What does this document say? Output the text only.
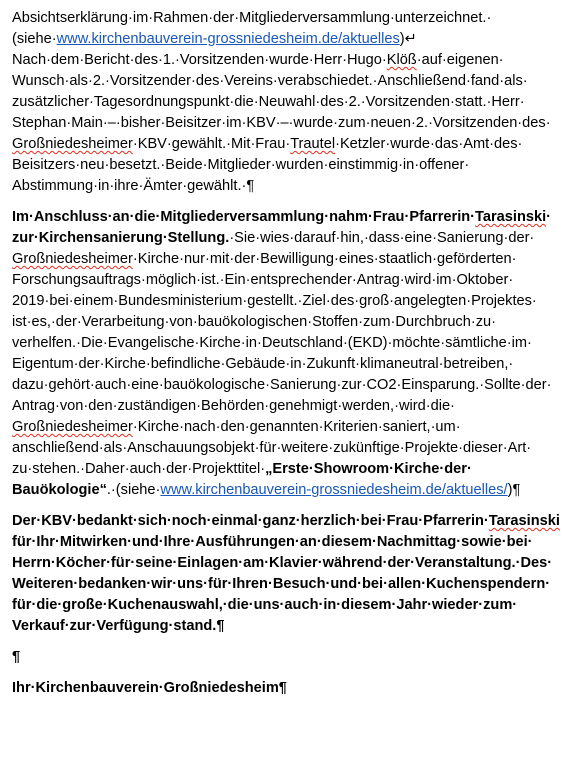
Absichtserklärung·im·Rahmen·der·Mitgliederversammlung·unterzeichnet.·
(siehe·www.kirchenbauverein-grossniedesheim.de/aktuelles)↵
Nach·dem·Bericht·des·1.·Vorsitzenden·wurde·Herr·Hugo·Klöß·auf·eigenen·
Wunsch·als·2.·Vorsitzender·des·Vereins·verabschiedet.·Anschließend·fand·als·
zusätzlicher·Tagesordnungspunkt·die·Neuwahl·des·2.·Vorsitzenden·statt.·Herr·
Stephan·Main·–·bisher·Beisitzer·im·KBV·–·wurde·zum·neuen·2.·Vorsitzenden·des·
Großniedesheimer·KBV·gewählt.·Mit·Frau·Trautel·Ketzler·wurde·das·Amt·des·
Beisitzers·neu·besetzt.·Beide·Mitglieder·wurden·einstimmig·in·offener·
Abstimmung·in·ihre·Ämter·gewählt.·¶
Im·Anschluss·an·die·Mitgliederversammlung·nahm·Frau·Pfarrerin·Tarasinski·
zur·Kirchensanierung·Stellung.·Sie·wies·darauf·hin,·dass·eine·Sanierung·der·
Großniedesheimer·Kirche·nur·mit·der·Bewilligung·eines·staatlich·geförderten·
Forschungsauftrags·möglich·ist.·Ein·entsprechender·Antrag·wird·im·Oktober·
2019·bei·einem·Bundesministerium·gestellt.·Ziel·des·groß·angelegten·Projektes·
ist·es,·der·Verarbeitung·von·bauökologischen·Stoffen·zum·Durchbruch·zu·
verhelfen.·Die·Evangelische·Kirche·in·Deutschland·(EKD)·möchte·sämtliche·im·
Eigentum·der·Kirche·befindliche·Gebäude·in·Zukunft·klimaneutral·betreiben,·
dazu·gehört·auch·eine·bauökologische·Sanierung·zur·CO2·Einsparung.·Sollte·der·
Antrag·von·den·zuständigen·Behörden·genehmigt·werden,·wird·die·
Großniedesheimer·Kirche·nach·den·genannten·Kriterien·saniert,·um·
anschließend·als·Anschauungsobjekt·für·weitere·zukünftige·Projekte·dieser·Art·
zu·stehen.·Daher·auch·der·Projekttitel·„Erste·Showroom·Kirche·der·
Bauökologie“.·(siehe·www.kirchenbauverein-grossniedesheim.de/aktuelles/)¶
Der·KBV·bedankt·sich·noch·einmal·ganz·herzlich·bei·Frau·Pfarrerin·Tarasinski
für·Ihr·Mitwirken·und·Ihre·Ausführungen·an·diesem·Nachmittag·sowie·bei·
Herrn·Köcher·für·seine·Einlagen·am·Klavier·während·der·Veranstaltung.·Des·
Weiteren·bedanken·wir·uns·für·Ihren·Besuch·und·bei·allen·Kuchenspendern·
für·die·große·Kuchenauswahl,·die·uns·auch·in·diesem·Jahr·wieder·zum·
Verkauf·zur·Verfügung·stand.¶
¶
Ihr·Kirchenbauverein·Großniedesheim¶
